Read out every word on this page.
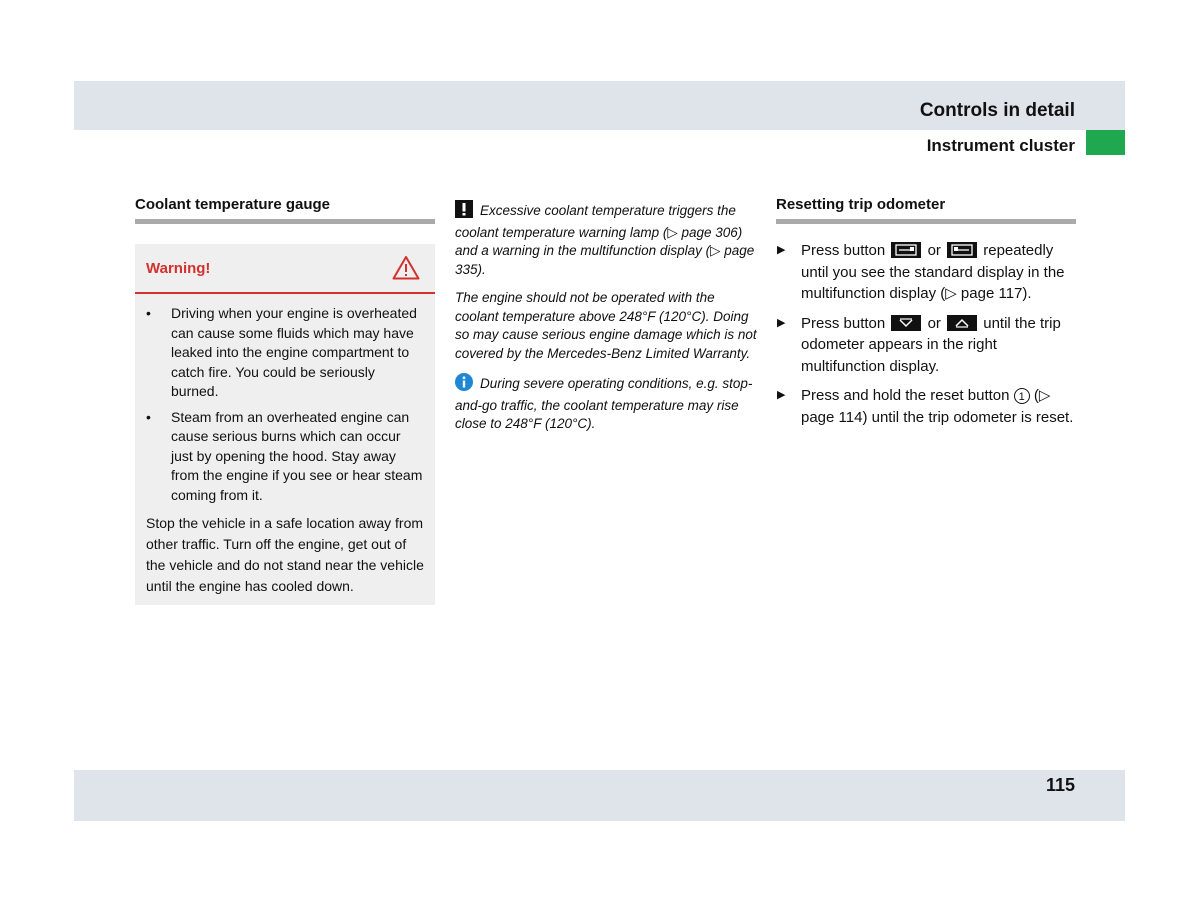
Controls in detail
Instrument cluster
Coolant temperature gauge
Warning!
• Driving when your engine is overheated can cause some fluids which may have leaked into the engine compartment to catch fire. You could be seriously burned.
• Steam from an overheated engine can cause serious burns which can occur just by opening the hood. Stay away from the engine if you see or hear steam coming from it.

Stop the vehicle in a safe location away from other traffic. Turn off the engine, get out of the vehicle and do not stand near the vehicle until the engine has cooled down.

Excessive coolant temperature triggers the coolant temperature warning lamp (▷ page 306) and a warning in the multifunction display (▷ page 335).

The engine should not be operated with the coolant temperature above 248°F (120°C). Doing so may cause serious engine damage which is not covered by the Mercedes-Benz Limited Warranty.

During severe operating conditions, e.g. stop-and-go traffic, the coolant temperature may rise close to 248°F (120°C).

Resetting trip odometer
▶ Press button	or	repeatedly until you see the standard display in the multifunction display (▷ page 117).
▶ Press button	or	until the trip odometer appears in the right multifunction display.
▶ Press and hold the reset button 1 (▷ page 114) until the trip odometer is reset.
115
